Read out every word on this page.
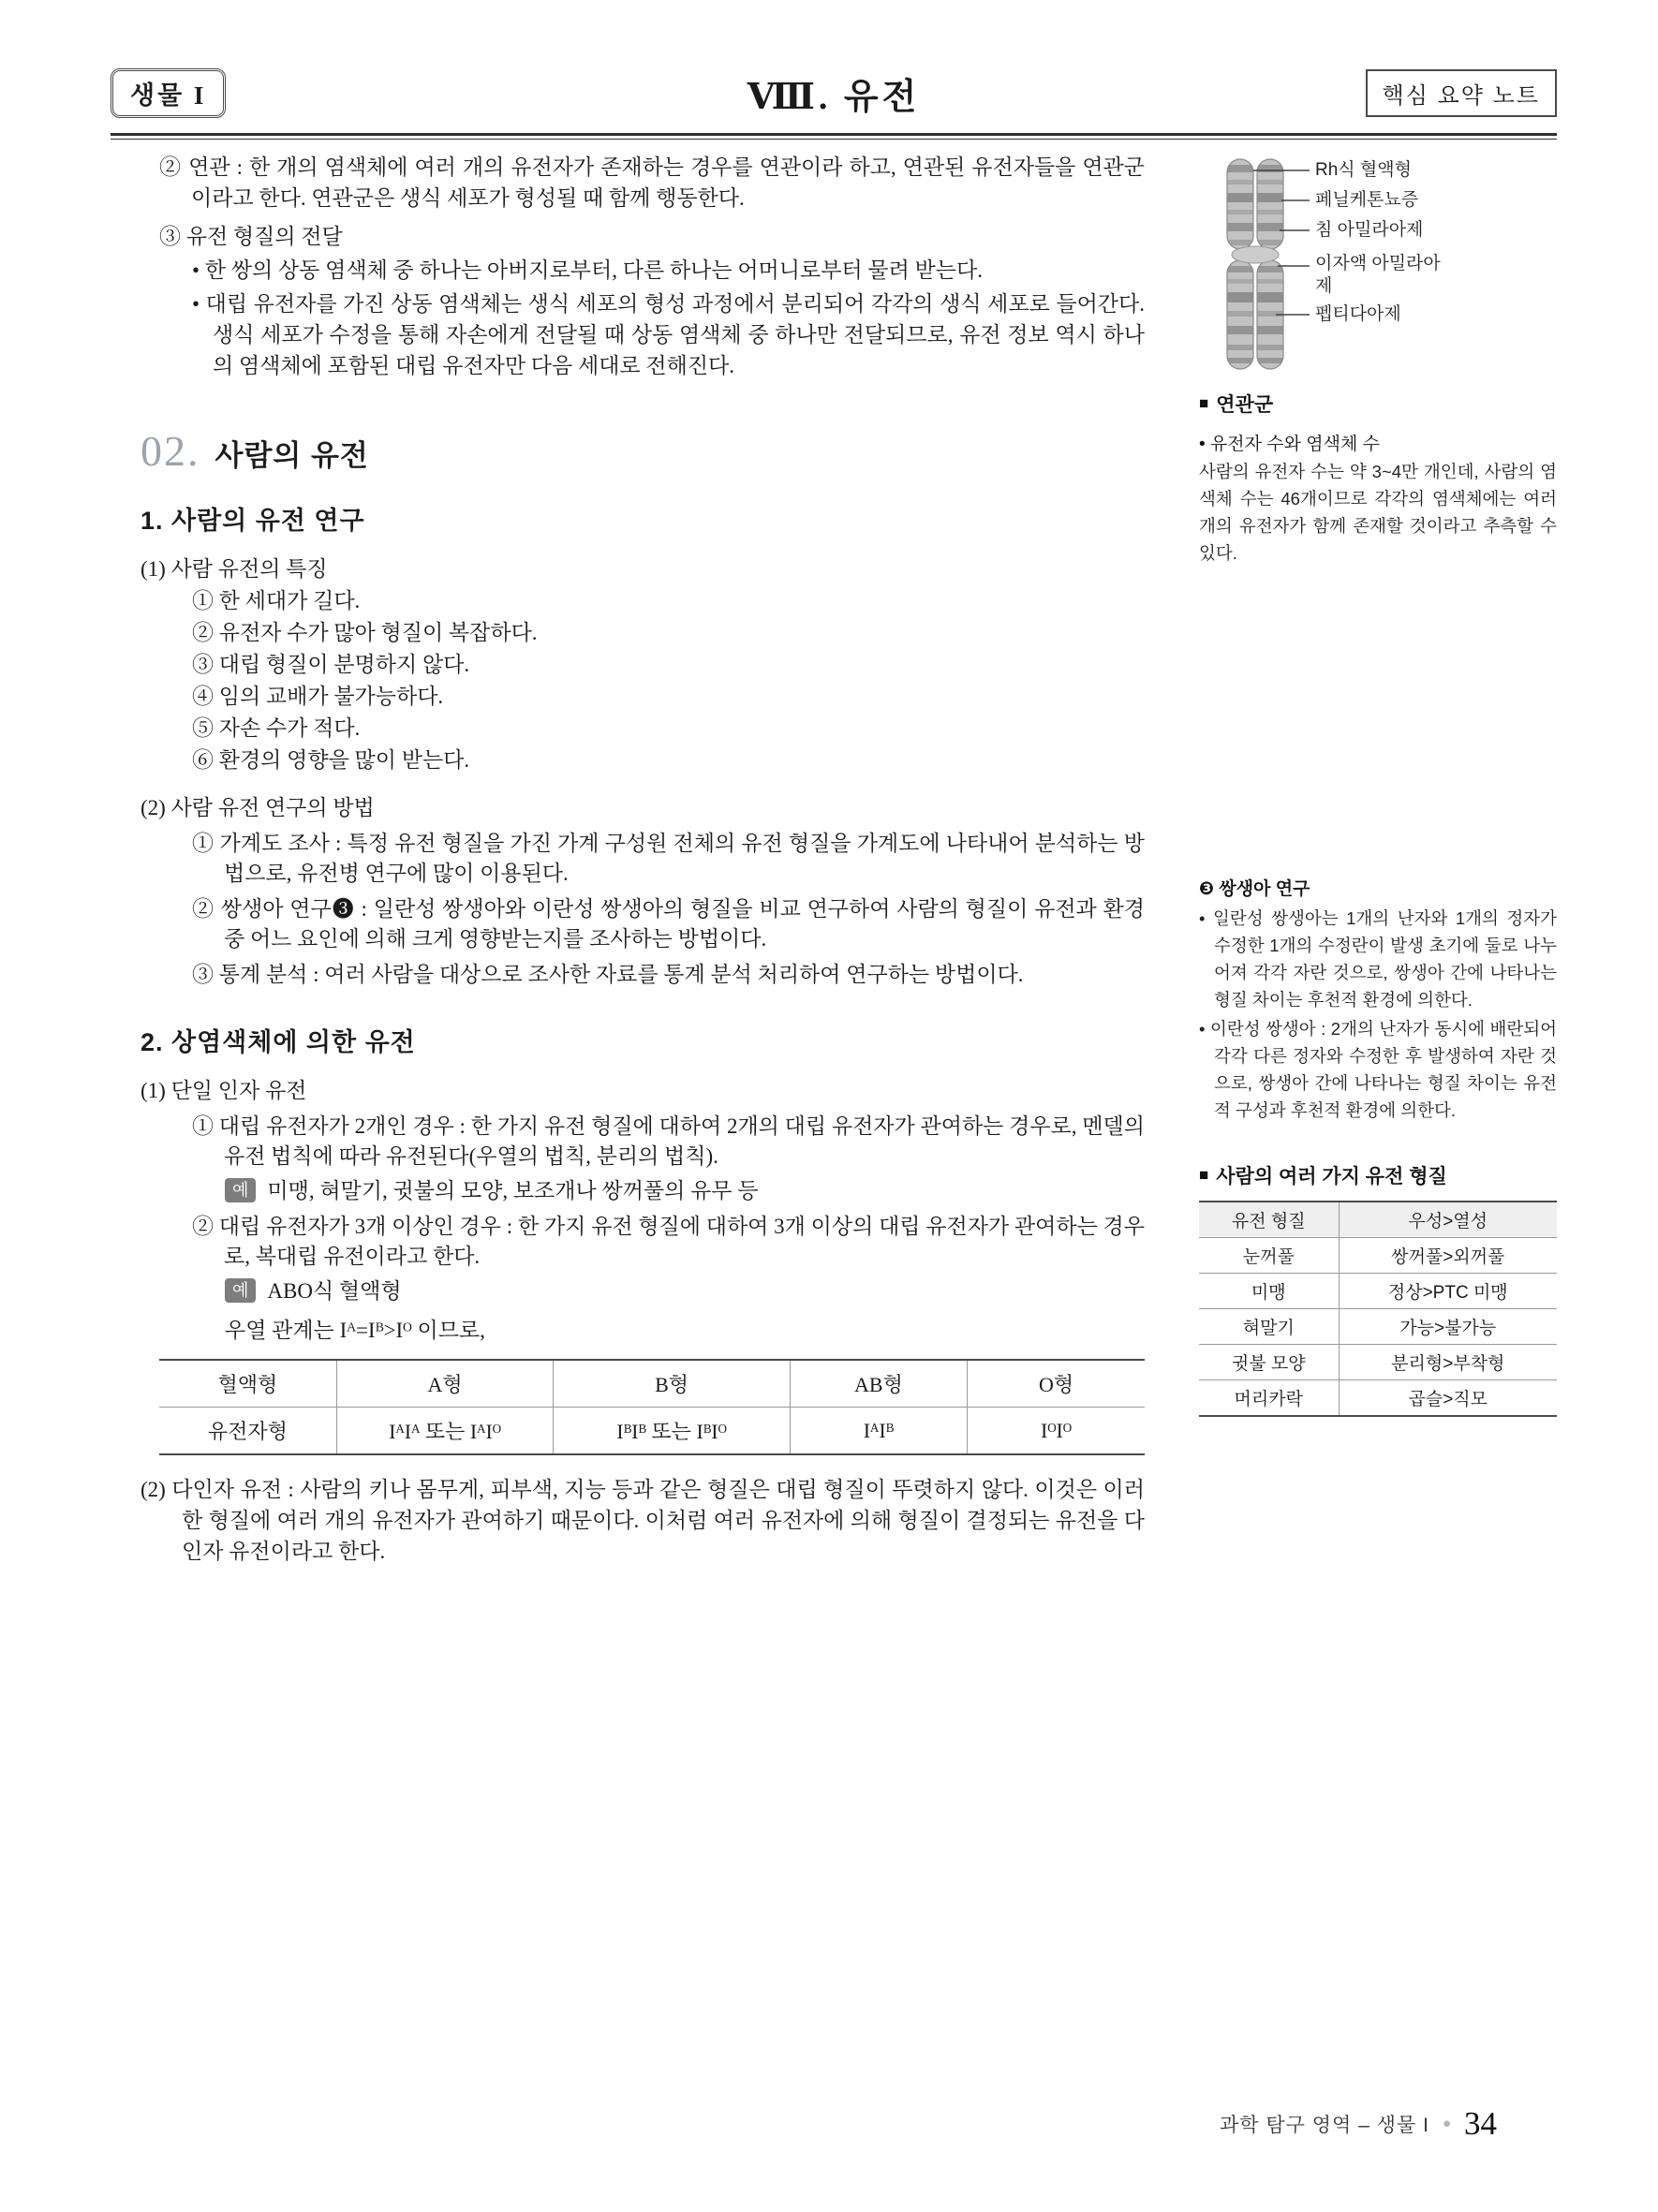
생물 I	Ⅷ. 유전	핵심 요약 노트

② 연관 : 한 개의 염색체에 여러 개의 유전자가 존재하는 경우를 연관이라 하고, 연관된 유전자들을 연관군이라고 한다. 연관군은 생식 세포가 형성될 때 함께 행동한다.

③ 유전 형질의 전달

• 한 쌍의 상동 염색체 중 하나는 아버지로부터, 다른 하나는 어머니로부터 물려 받는다.

• 대립 유전자를 가진 상동 염색체는 생식 세포의 형성 과정에서 분리되어 각각의 생식 세포로 들어간다. 생식 세포가 수정을 통해 자손에게 전달될 때 상동 염색체 중 하나만 전달되므로, 유전 정보 역시 하나의 염색체에 포함된 대립 유전자만 다음 세대로 전해진다.

02. 사람의 유전
1. 사람의 유전 연구

(1) 사람 유전의 특징

① 한 세대가 길다.

② 유전자 수가 많아 형질이 복잡하다.

③ 대립 형질이 분명하지 않다.

④ 임의 교배가 불가능하다.

⑤ 자손 수가 적다.

⑥ 환경의 영향을 많이 받는다.

(2) 사람 유전 연구의 방법

① 가계도 조사 : 특정 유전 형질을 가진 가계 구성원 전체의 유전 형질을 가계도에 나타내어 분석하는 방법으로, 유전병 연구에 많이 이용된다.

② 쌍생아 연구❸ : 일란성 쌍생아와 이란성 쌍생아의 형질을 비교 연구하여 사람의 형질이 유전과 환경 중 어느 요인에 의해 크게 영향받는지를 조사하는 방법이다.

③ 통계 분석 : 여러 사람을 대상으로 조사한 자료를 통계 분석 처리하여 연구하는 방법이다.

2. 상염색체에 의한 유전

(1) 단일 인자 유전

① 대립 유전자가 2개인 경우 : 한 가지 유전 형질에 대하여 2개의 대립 유전자가 관여하는 경우로, 멘델의 유전 법칙에 따라 유전된다(우열의 법칙, 분리의 법칙).

예 미맹, 혀말기, 귓불의 모양, 보조개나 쌍꺼풀의 유무 등

② 대립 유전자가 3개 이상인 경우 : 한 가지 유전 형질에 대하여 3개 이상의 대립 유전자가 관여하는 경우로, 복대립 유전이라고 한다.

예 ABO식 혈액형

우열 관계는 Iᴬ=Iᴮ>Iᴼ 이므로,

혈액형	A형	B형	AB형	O형
유전자형	IᴬIᴬ 또는 IᴬIᴼ	IᴮIᴮ 또는 IᴮIᴼ	IᴬIᴮ	IᴼIᴼ

(2) 다인자 유전 : 사람의 키나 몸무게, 피부색, 지능 등과 같은 형질은 대립 형질이 뚜렷하지 않다. 이것은 이러한 형질에 여러 개의 유전자가 관여하기 때문이다. 이처럼 여러 유전자에 의해 형질이 결정되는 유전을 다인자 유전이라고 한다.

Rh식 혈액형
페닐케톤뇨증
침 아밀라아제
이자액 아밀라아제
펩티다아제
■ 연관군

• 유전자 수와 염색체 수

사람의 유전자 수는 약 3~4만 개인데, 사람의 염색체 수는 46개이므로 각각의 염색체에는 여러 개의 유전자가 함께 존재할 것이라고 추측할 수 있다.

❸ 쌍생아 연구

• 일란성 쌍생아는 1개의 난자와 1개의 정자가 수정한 1개의 수정란이 발생 초기에 둘로 나누어져 각각 자란 것으로, 쌍생아 간에 나타나는 형질 차이는 후천적 환경에 의한다.

• 이란성 쌍생아 : 2개의 난자가 동시에 배란되어 각각 다른 정자와 수정한 후 발생하여 자란 것으로, 쌍생아 간에 나타나는 형질 차이는 유전적 구성과 후천적 환경에 의한다.

■ 사람의 여러 가지 유전 형질
유전 형질	우성>열성
눈꺼풀	쌍꺼풀>외꺼풀
미맹	정상>PTC 미맹
혀말기	가능>불가능
귓불 모양	분리형>부착형
머리카락	곱슬>직모
과학 탐구 영역 – 생물 I ● 34
